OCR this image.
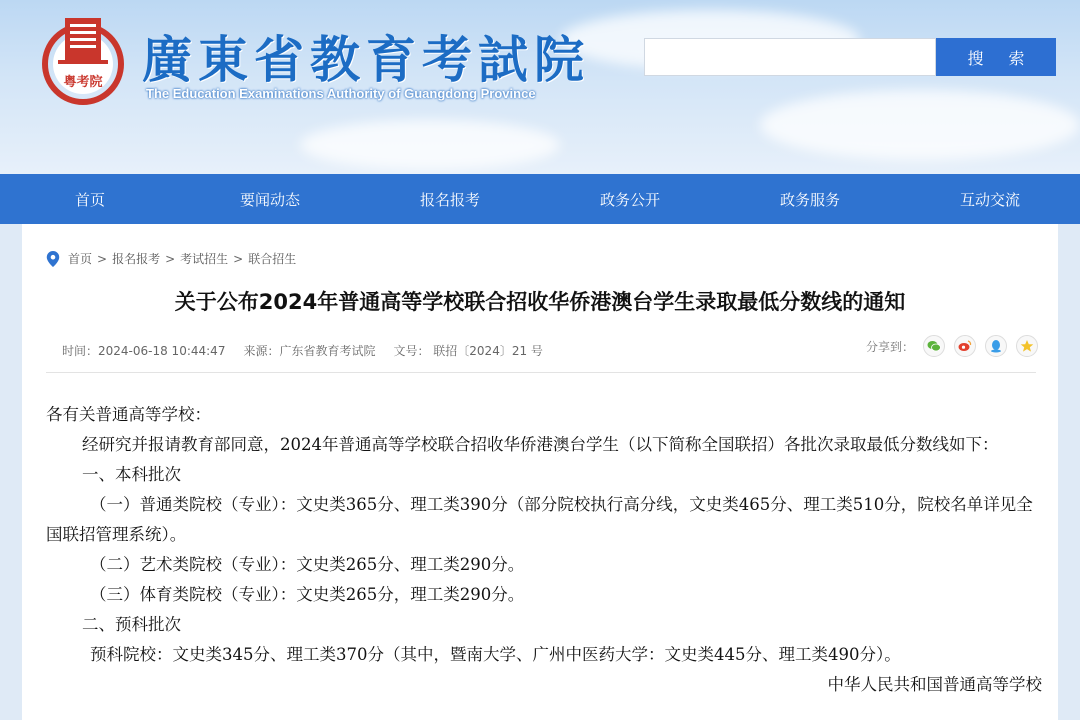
粤考院 廣東省教育考試院
The Education Examinations Authority of Guangdong Province
搜 索
首页	要闻动态	报名报考	政务公开	政务服务	互动交流
首页 > 报名报考 > 考试招生 > 联合招生
关于公布2024年普通高等学校联合招收华侨港澳台学生录取最低分数线的通知
时间：2024-06-18 10:44:47 来源：广东省教育考试院 文号： 联招〔2024〕21 号	分享到：

各有关普通高等学校：

经研究并报请教育部同意，2024年普通高等学校联合招收华侨港澳台学生（以下简称全国联招）各批次录取最低分数线如下：

一、本科批次

（一）普通类院校（专业）：文史类365分、理工类390分（部分院校执行高分线，文史类465分、理工类510分，院校名单详见全国联招管理系统）。

（二）艺术类院校（专业）：文史类265分、理工类290分。

（三）体育类院校（专业）：文史类265分，理工类290分。

二、预科批次

预科院校：文史类345分、理工类370分（其中，暨南大学、广州中医药大学：文史类445分、理工类490分）。

中华人民共和国普通高等学校
